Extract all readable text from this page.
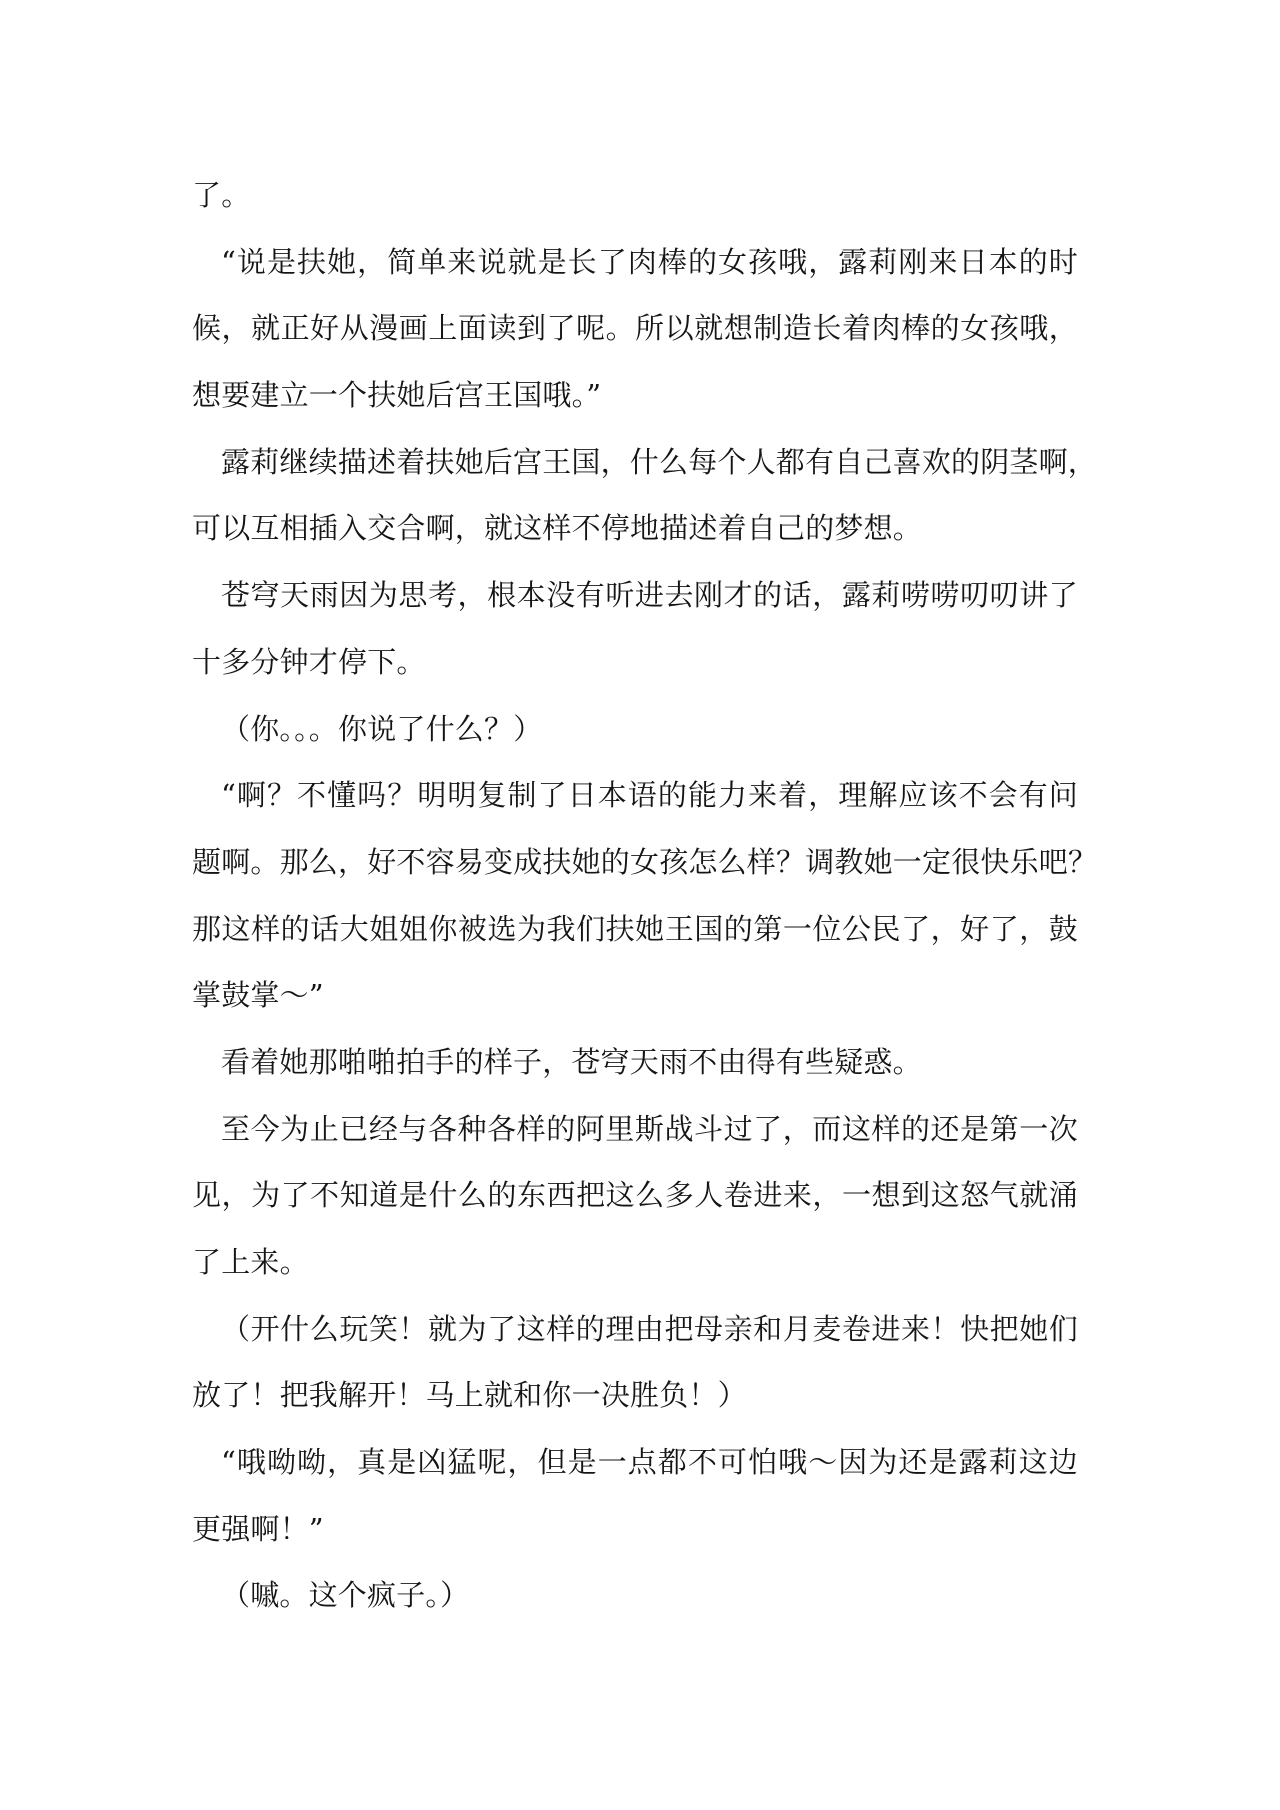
了。
“说是扶她，简单来说就是长了肉棒的女孩哦，露莉刚来日本的时
候，就正好从漫画上面读到了呢。所以就想制造长着肉棒的女孩哦，
想要建立一个扶她后宫王国哦。”
露莉继续描述着扶她后宫王国，什么每个人都有自己喜欢的阴茎啊，
可以互相插入交合啊，就这样不停地描述着自己的梦想。
苍穹天雨因为思考，根本没有听进去刚才的话，露莉唠唠叨叨讲了
十多分钟才停下。
（你。。。你说了什么？）
“啊？不懂吗？明明复制了日本语的能力来着，理解应该不会有问
题啊。那么，好不容易变成扶她的女孩怎么样？调教她一定很快乐吧？
那这样的话大姐姐你被选为我们扶她王国的第一位公民了，好了，鼓
掌鼓掌～”
看着她那啪啪拍手的样子，苍穹天雨不由得有些疑惑。
至今为止已经与各种各样的阿里斯战斗过了，而这样的还是第一次
见，为了不知道是什么的东西把这么多人卷进来，一想到这怒气就涌
了上来。
（开什么玩笑！就为了这样的理由把母亲和月麦卷进来！快把她们
放了！把我解开！马上就和你一决胜负！）
“哦呦呦，真是凶猛呢，但是一点都不可怕哦～因为还是露莉这边
更强啊！”
（嘁。这个疯子。）
